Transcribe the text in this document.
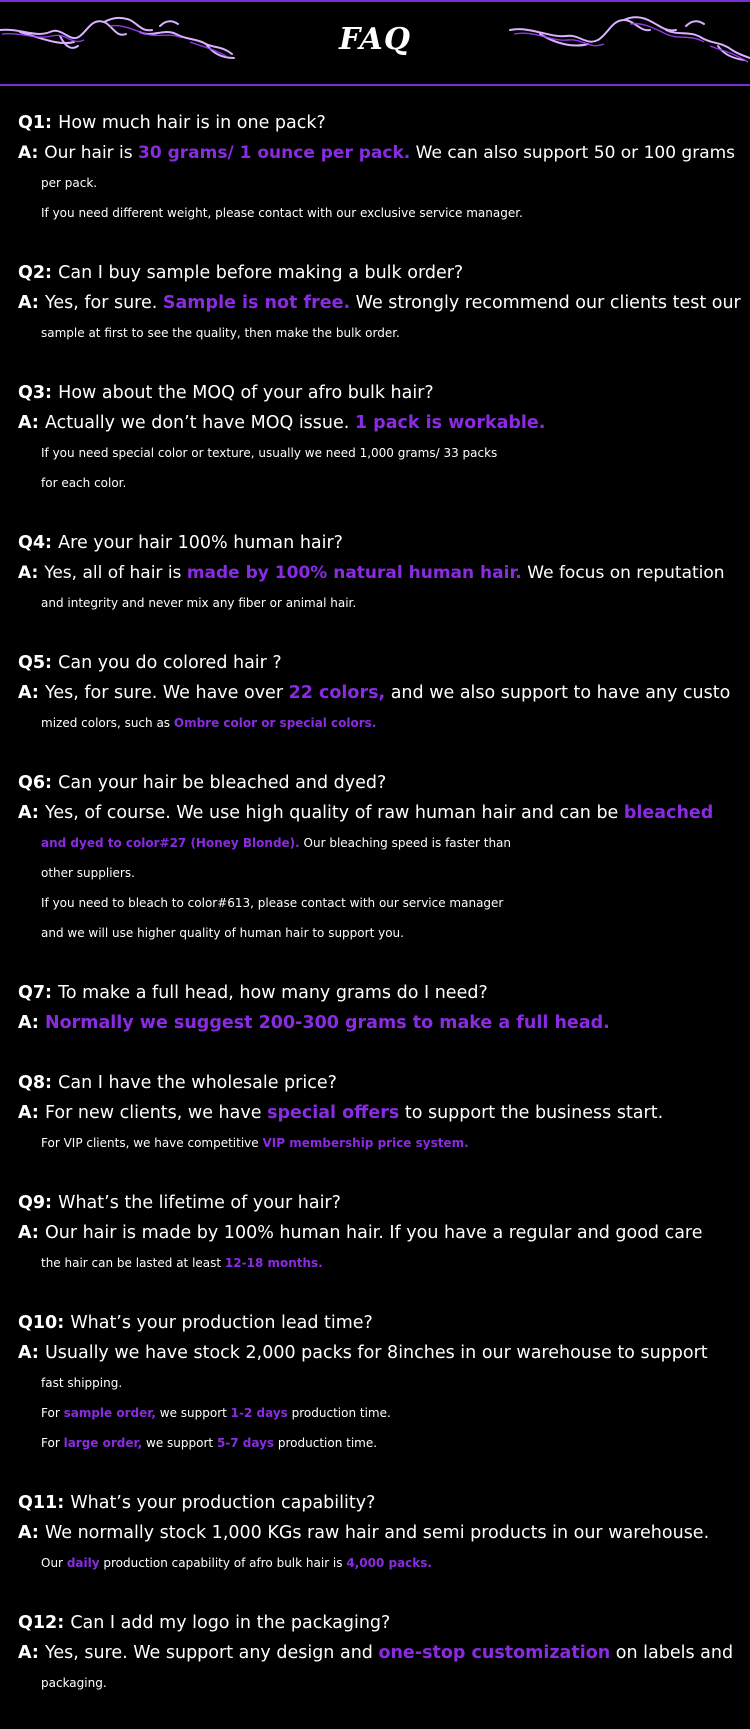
FAQ
Q1: How much hair is in one pack?
A: Our hair is 30 grams/ 1 ounce per pack. We can also support 50 or 100 grams
per pack.
If you need different weight, please contact with our exclusive service manager.
Q2: Can I buy sample before making a bulk order?
A: Yes, for sure. Sample is not free. We strongly recommend our clients test our
sample at first to see the quality, then make the bulk order.
Q3: How about the MOQ of your afro bulk hair?
A: Actually we don’t have MOQ issue. 1 pack is workable.
If you need special color or texture, usually we need 1,000 grams/ 33 packs
for each color.
Q4: Are your hair 100% human hair?
A: Yes, all of hair is made by 100% natural human hair. We focus on reputation
and integrity and never mix any fiber or animal hair.
Q5: Can you do colored hair ?
A: Yes, for sure. We have over 22 colors, and we also support to have any custo
mized colors, such as Ombre color or special colors.
Q6: Can your hair be bleached and dyed?
A: Yes, of course. We use high quality of raw human hair and can be bleached
and dyed to color#27 (Honey Blonde). Our bleaching speed is faster than
other suppliers.
If you need to bleach to color#613, please contact with our service manager
and we will use higher quality of human hair to support you.
Q7: To make a full head, how many grams do I need?
A: Normally we suggest 200-300 grams to make a full head.
Q8: Can I have the wholesale price?
A: For new clients, we have special offers to support the business start.
For VIP clients, we have competitive VIP membership price system.
Q9: What’s the lifetime of your hair?
A: Our hair is made by 100% human hair. If you have a regular and good care
the hair can be lasted at least 12-18 months.
Q10: What’s your production lead time?
A: Usually we have stock 2,000 packs for 8inches in our warehouse to support
fast shipping.
For sample order, we support 1-2 days production time.
For large order, we support 5-7 days production time.
Q11: What’s your production capability?
A: We normally stock 1,000 KGs raw hair and semi products in our warehouse.
Our daily production capability of afro bulk hair is 4,000 packs.
Q12: Can I add my logo in the packaging?
A: Yes, sure. We support any design and one-stop customization on labels and
packaging.
